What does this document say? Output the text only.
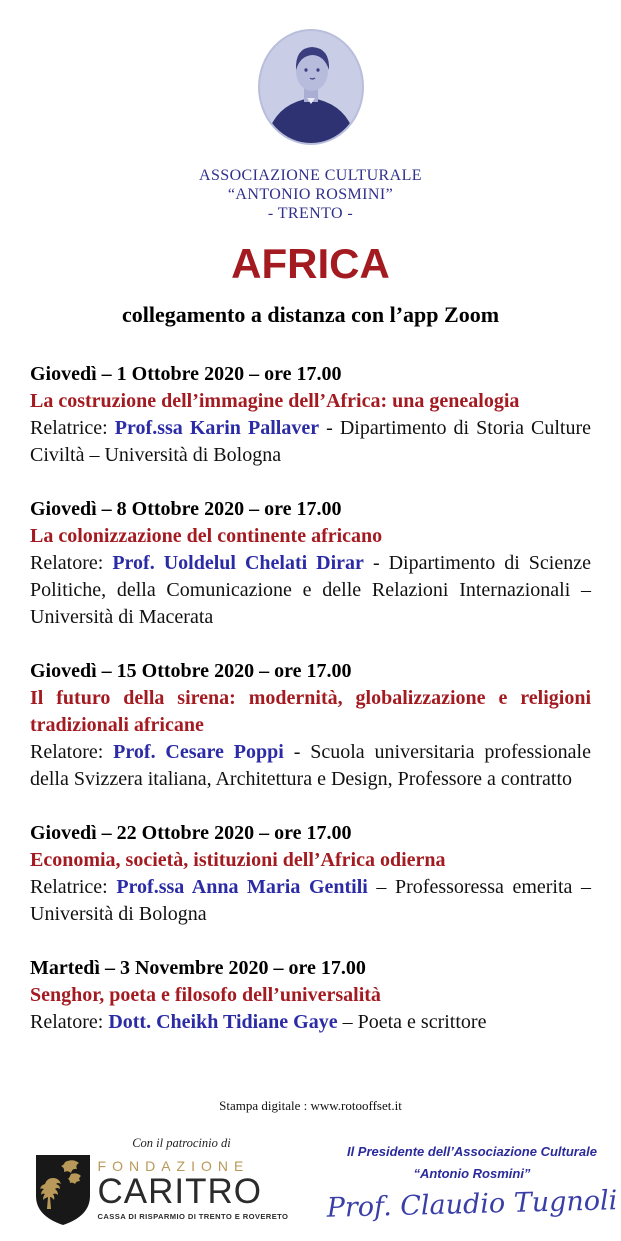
ASSOCIAZIONE CULTURALE
“ANTONIO ROSMINI”
- TRENTO -
AFRICA
collegamento a distanza con l’app Zoom
Giovedì – 1 Ottobre 2020 – ore 17.00
La costruzione dell’immagine dell’Africa: una genealogia

Relatrice: Prof.ssa Karin Pallaver - Dipartimento di Storia Culture Civiltà – Università di Bologna

Giovedì – 8 Ottobre 2020 – ore 17.00
La colonizzazione del continente africano

Relatore: Prof. Uoldelul Chelati Dirar - Dipartimento di Scienze Politiche, della Comunicazione e delle Relazioni Internazionali – Università di Macerata

Giovedì – 15 Ottobre 2020 – ore 17.00
Il futuro della sirena: modernità, globalizzazione e religioni tradizionali africane

Relatore: Prof. Cesare Poppi - Scuola universitaria professionale della Svizzera italiana, Architettura e Design, Professore a contratto

Giovedì – 22 Ottobre 2020 – ore 17.00
Economia, società, istituzioni dell’Africa odierna

Relatrice: Prof.ssa Anna Maria Gentili – Professoressa emerita – Università di Bologna

Martedì – 3 Novembre 2020 – ore 17.00
Senghor, poeta e filosofo dell’universalità

Relatore: Dott. Cheikh Tidiane Gaye – Poeta e scrittore

Stampa digitale : www.rotooffset.it
Con il patrocinio di
FONDAZIONE
CARITRO
CASSA DI RISPARMIO DI TRENTO E ROVERETO
Il Presidente dell’Associazione Culturale
“Antonio Rosmini”
Prof. Claudio Tugnoli
